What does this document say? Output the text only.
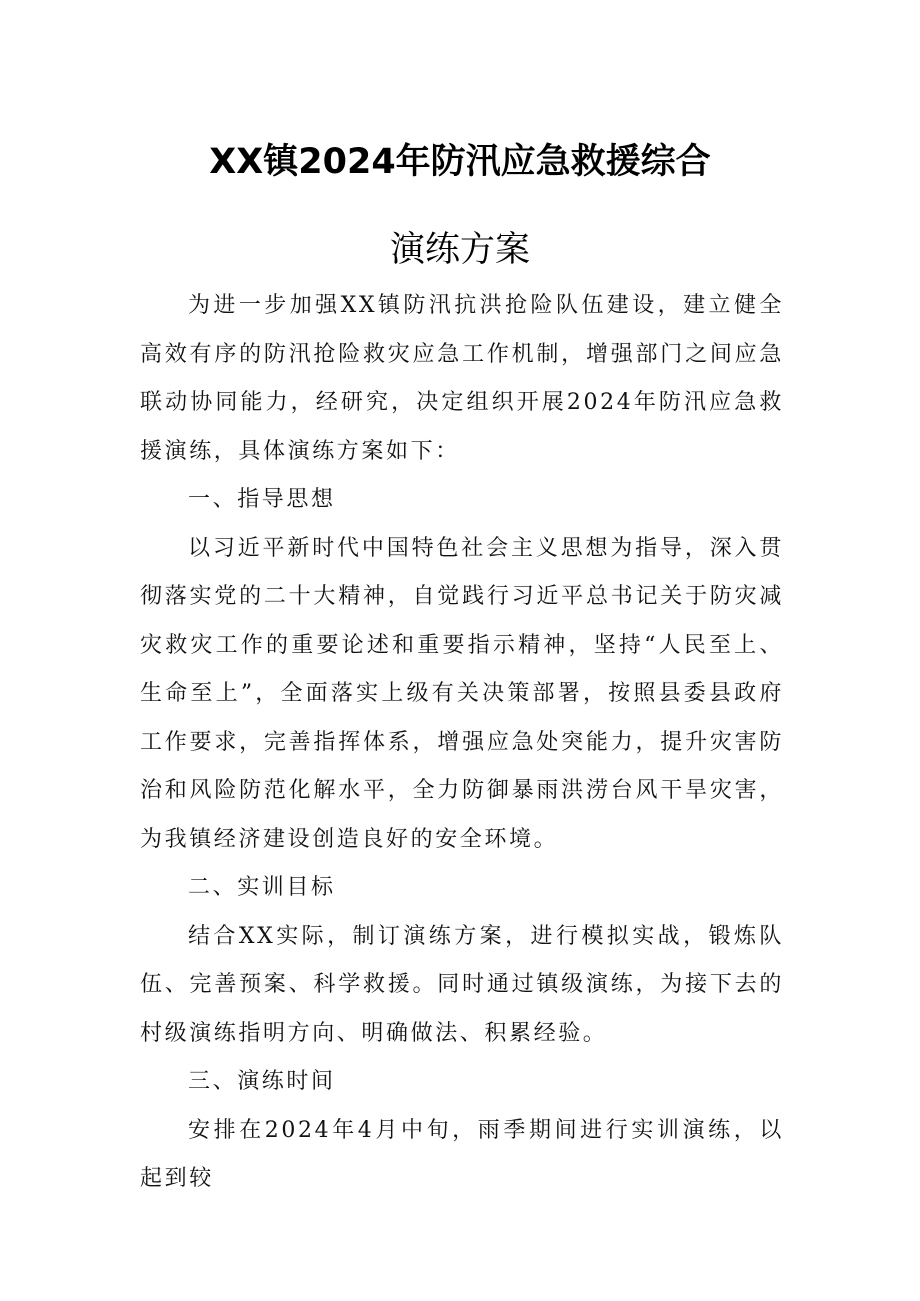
XX镇2024年防汛应急救援综合
演练方案

为进一步加强XX镇防汛抗洪抢险队伍建设，建立健全高效有序的防汛抢险救灾应急工作机制，增强部门之间应急联动协同能力，经研究，决定组织开展2024年防汛应急救援演练，具体演练方案如下：

一、指导思想

以习近平新时代中国特色社会主义思想为指导，深入贯彻落实党的二十大精神，自觉践行习近平总书记关于防灾减灾救灾工作的重要论述和重要指示精神，坚持“人民至上、生命至上”，全面落实上级有关决策部署，按照县委县政府工作要求，完善指挥体系，增强应急处突能力，提升灾害防治和风险防范化解水平，全力防御暴雨洪涝台风干旱灾害，为我镇经济建设创造良好的安全环境。

二、实训目标

结合XX实际，制订演练方案，进行模拟实战，锻炼队伍、完善预案、科学救援。同时通过镇级演练，为接下去的村级演练指明方向、明确做法、积累经验。

三、演练时间

安排在2024年4月中旬，雨季期间进行实训演练，以起到较
